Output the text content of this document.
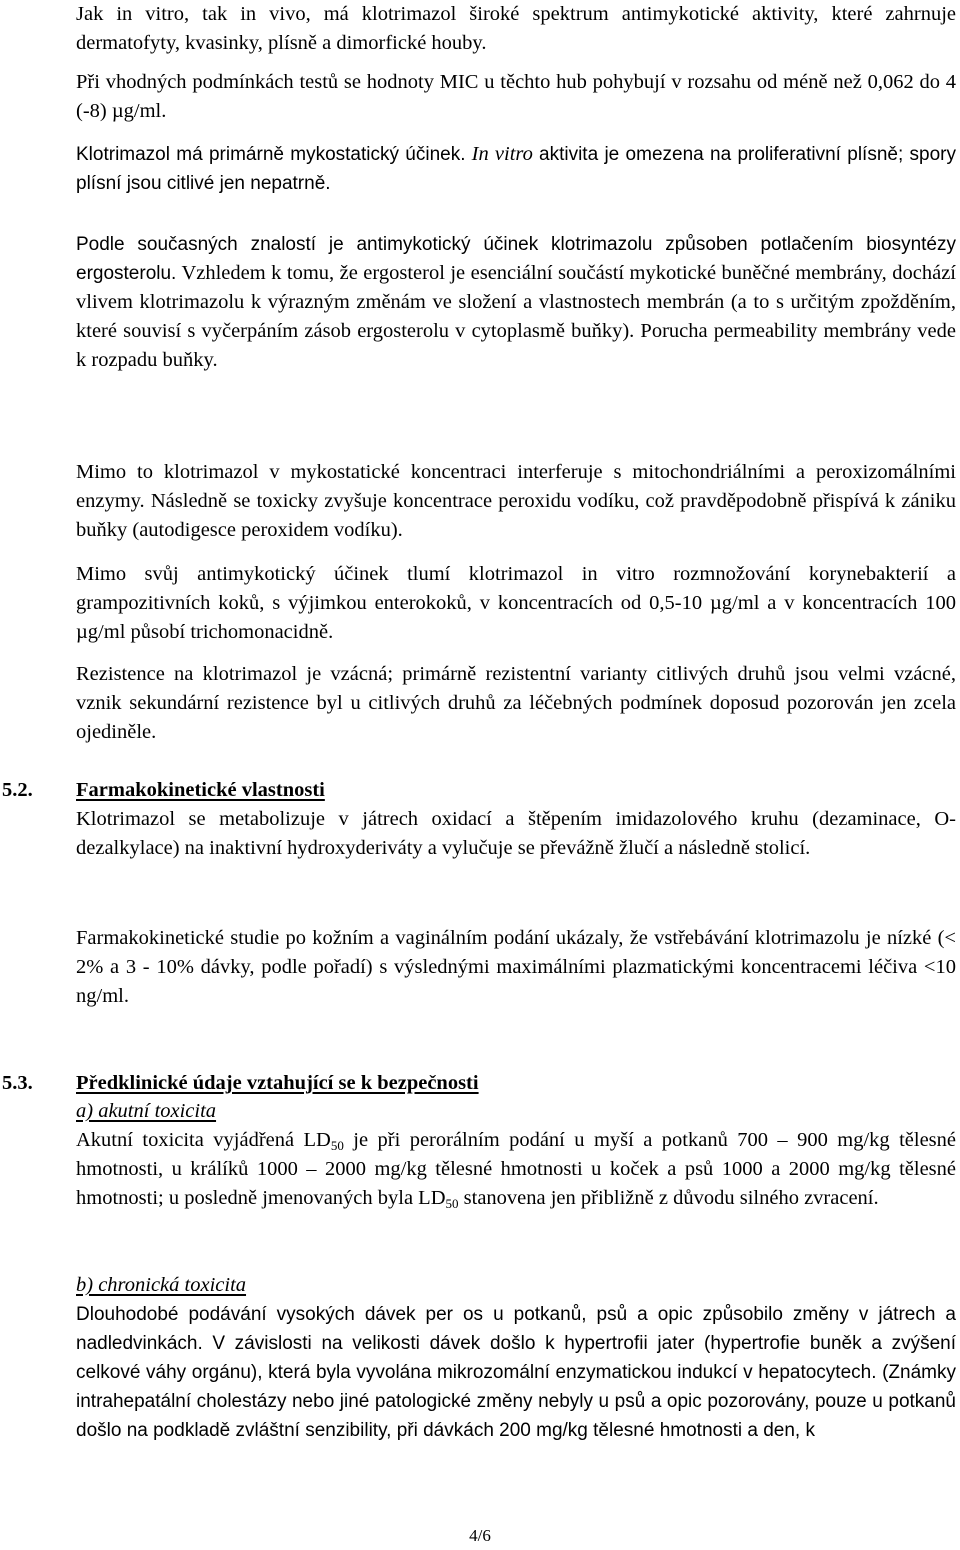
Jak in vitro, tak in vivo, má klotrimazol široké spektrum antimykotické aktivity, které zahrnuje dermatofyty, kvasinky, plísně a dimorfické houby.

Při vhodných podmínkách testů se hodnoty MIC u těchto hub pohybují v rozsahu od méně než 0,062 do 4 (-8) µg/ml.

Klotrimazol má primárně mykostatický účinek. In vitro aktivita je omezena na proliferativní plísně; spory plísní jsou citlivé jen nepatrně.

Podle současných znalostí je antimykotický účinek klotrimazolu způsoben potlačením biosyntézy ergosterolu. Vzhledem k tomu, že ergosterol je esenciální součástí mykotické buněčné membrány, dochází vlivem klotrimazolu k výrazným změnám ve složení a vlastnostech membrán (a to s určitým zpožděním, které souvisí s vyčerpáním zásob ergosterolu v cytoplasmě buňky). Porucha permeability membrány vede k rozpadu buňky.

Mimo to klotrimazol v mykostatické koncentraci interferuje s mitochondriálními a peroxizomálními enzymy. Následně se toxicky zvyšuje koncentrace peroxidu vodíku, což pravděpodobně přispívá k zániku buňky (autodigesce peroxidem vodíku).

Mimo svůj antimykotický účinek tlumí klotrimazol in vitro rozmnožování korynebakterií a grampozitivních koků, s výjimkou enterokoků, v koncentracích od 0,5-10 µg/ml a v koncentracích 100 µg/ml působí trichomonacidně.

Rezistence na klotrimazol je vzácná; primárně rezistentní varianty citlivých druhů jsou velmi vzácné, vznik sekundární rezistence byl u citlivých druhů za léčebných podmínek doposud pozorován jen zcela ojediněle.

5.2. Farmakokinetické vlastnosti

Klotrimazol se metabolizuje v játrech oxidací a štěpením imidazolového kruhu (dezaminace, O-dezalkylace) na inaktivní hydroxyderiváty a vylučuje se převážně žlučí a následně stolicí.

Farmakokinetické studie po kožním a vaginálním podání ukázaly, že vstřebávání klotrimazolu je nízké (< 2% a 3 - 10% dávky, podle pořadí) s výslednými maximálními plazmatickými koncentracemi léčiva <10 ng/ml.

5.3. Předklinické údaje vztahující se k bezpečnosti

a) akutní toxicita

Akutní toxicita vyjádřená $LD_{50}$ je při perorálním podání u myší a potkanů 700 – 900 mg/kg tělesné hmotnosti, u králíků 1000 – 2000 mg/kg tělesné hmotnosti u koček a psů 1000 a 2000 mg/kg tělesné hmotnosti; u posledně jmenovaných byla $LD_{50}$ stanovena jen přibližně z důvodu silného zvracení.

b) chronická toxicita

Dlouhodobé podávání vysokých dávek per os u potkanů, psů a opic způsobilo změny v játrech a nadledvinkách. V závislosti na velikosti dávek došlo k hypertrofii jater (hypertrofie buněk a zvýšení celkové váhy orgánu), která byla vyvolána mikrozomální enzymatickou indukcí v hepatocytech. (Známky intrahepatální cholestázy nebo jiné patologické změny nebyly u psů a opic pozorovány, pouze u potkanů došlo na podkladě zvláštní senzibility, při dávkách 200 mg/kg tělesné hmotnosti a den, k

4/6
